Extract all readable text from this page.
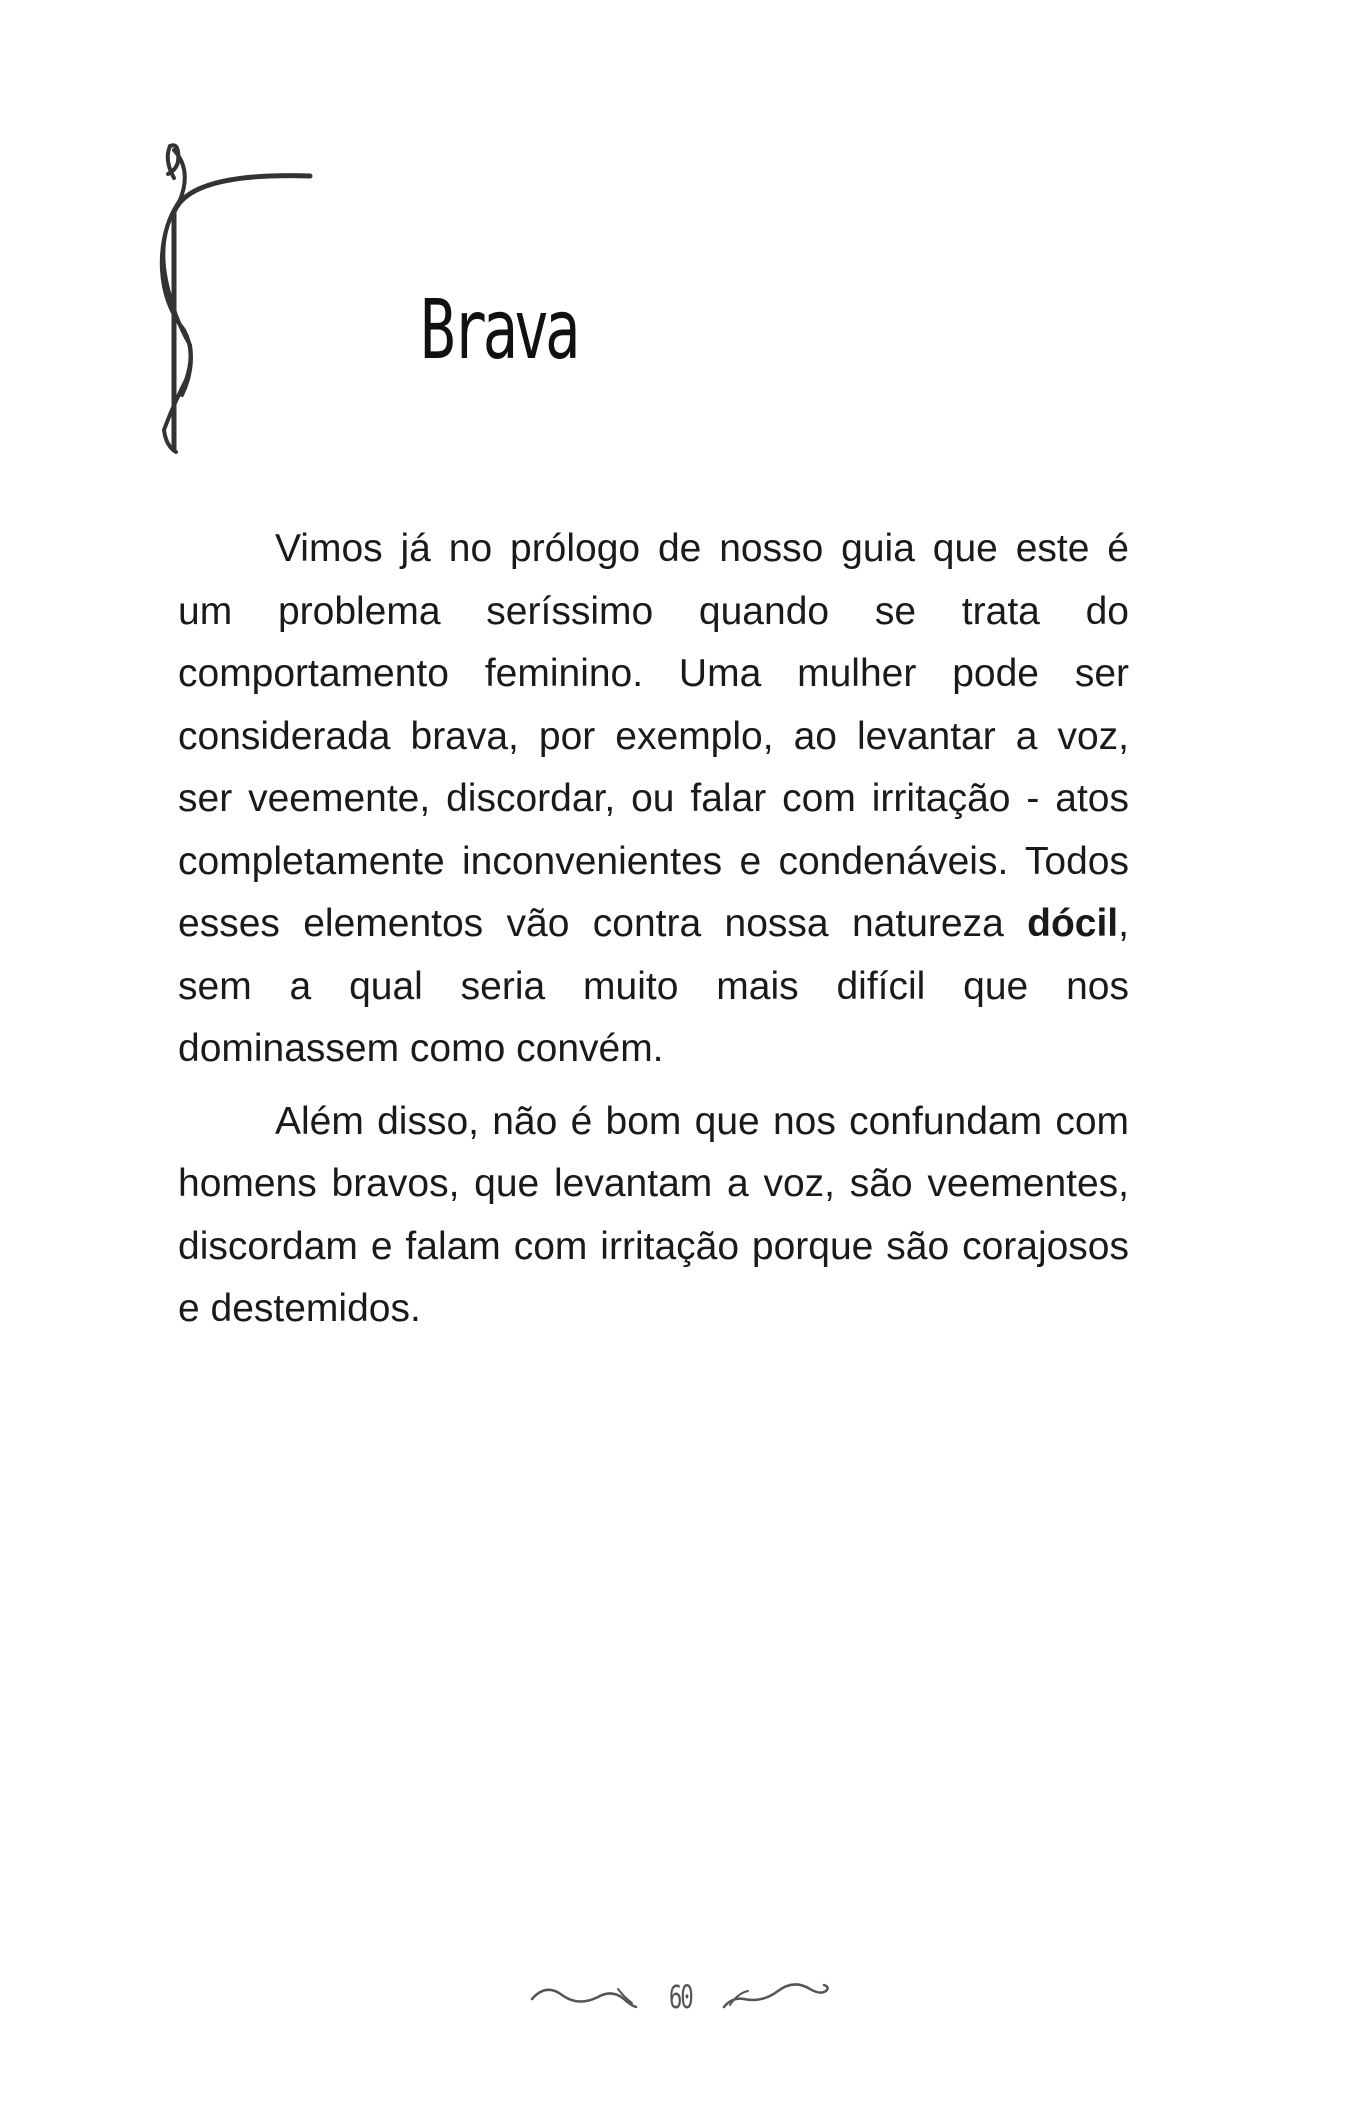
Brava

Vimos já no prólogo de nosso guia que este é um problema seríssimo quando se trata do comportamento feminino. Uma mulher pode ser considerada brava, por exemplo, ao levantar a voz, ser veemente, discordar, ou falar com irritação - atos completamente inconvenientes e condenáveis. Todos esses elementos vão contra nossa natureza dócil, sem a qual seria muito mais difícil que nos dominassem como convém.

Além disso, não é bom que nos confundam com homens bravos, que levantam a voz, são veementes, discordam e falam com irritação porque são corajosos e destemidos.

60
